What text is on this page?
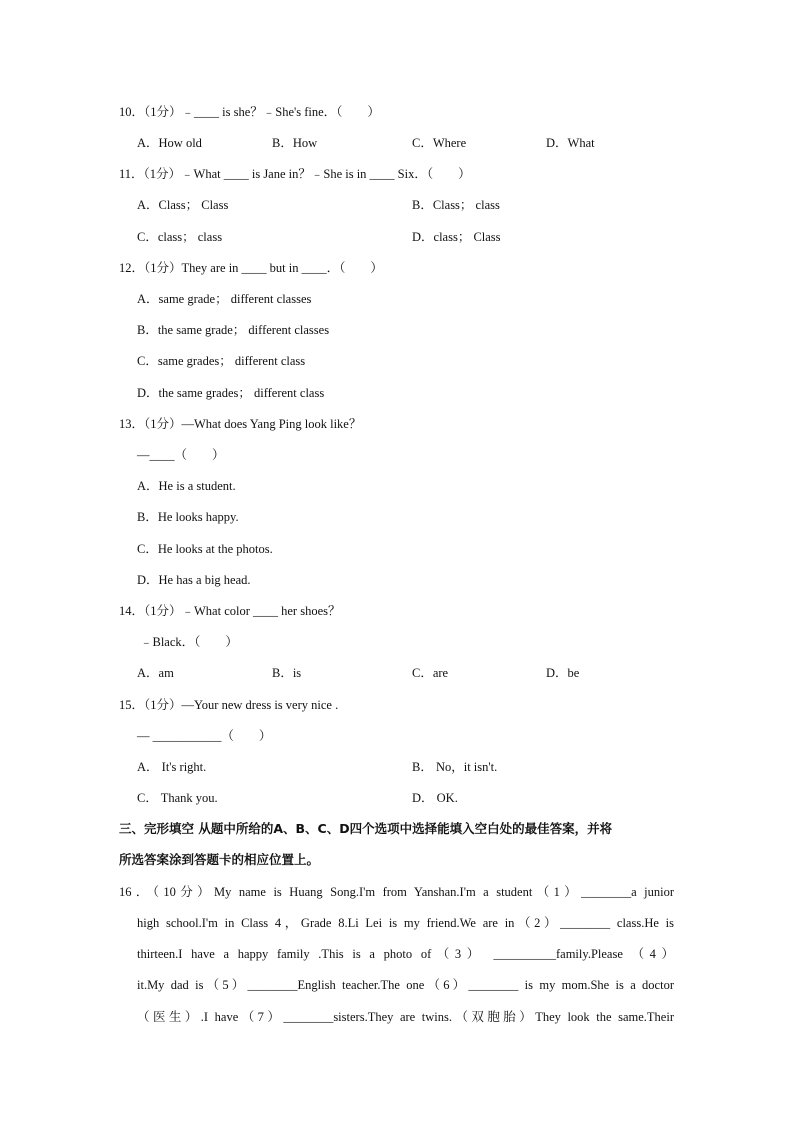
10．（1分）﹣____ is she？﹣She's fine．（　　）
A．How old	B．How	C．Where	D．What
11．（1分）﹣What ____ is Jane in？﹣She is in ____ Six．（　　）
A．Class； Class	B．Class； class
C．class； class	D．class； Class
12．（1分）They are in ____ but in ____．（　　）
A．same grade； different classes
B．the same grade； different classes
C．same grades； different class
D．the same grades； different class
13．（1分）—What does Yang Ping look like？
—____（　　）
A．He is a student.
B．He looks happy.
C．He looks at the photos.
D．He has a big head.
14．（1分）﹣What color ____ her shoes？
﹣Black．（　　）
A．am	B．is	C．are	D．be
15．（1分）—Your new dress is very nice .
— ___________（　　）
A． It's right.	B． No，it isn't.
C． Thank you.	D． OK.
三、完形填空 从题中所给的A、B、C、D四个选项中选择能填入空白处的最佳答案，并将
所选答案涂到答题卡的相应位置上。
16．（10分）My name is Huang Song.I'm from Yanshan.I'm a student（1）________a junior
high school.I'm in Class 4，Grade 8.Li Lei is my friend.We are in（2）________ class.He is
thirteen.I have a happy family .This is a photo of（3） __________family.Please （4）
it.My dad is（5）________English teacher.The one（6）________ is my mom.She is a doctor
（医生）.I have（7）________sisters.They are twins.（双胞胎）They look the same.Their
